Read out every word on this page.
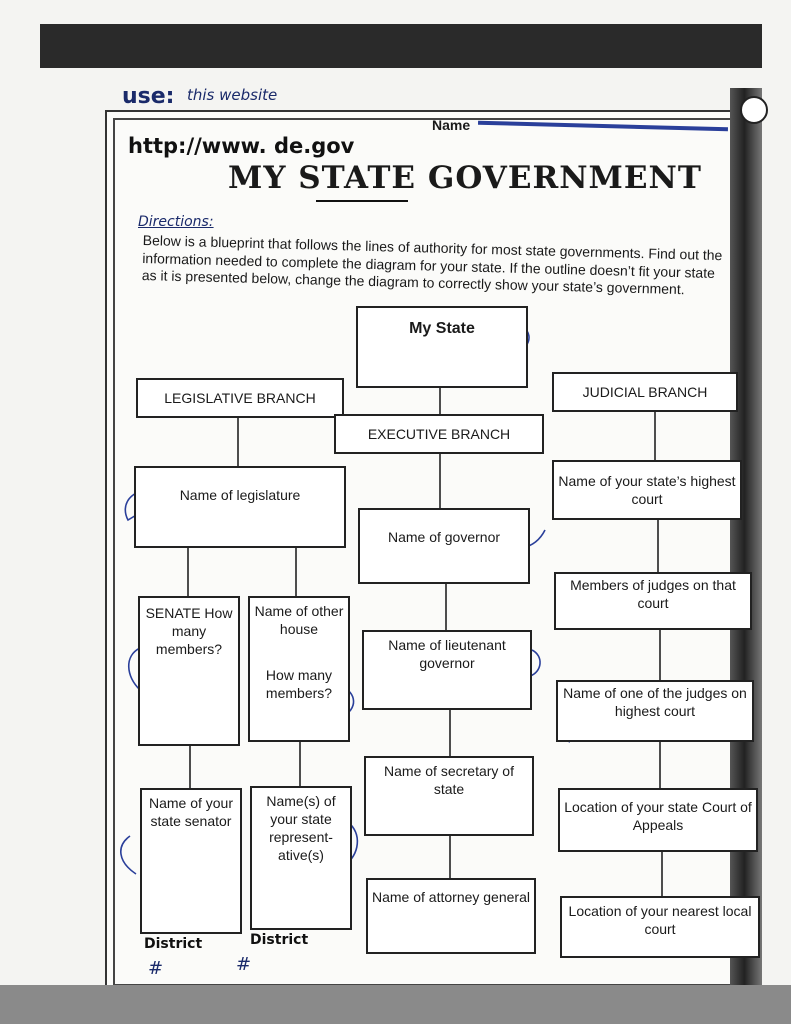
use: this website
http://www. de.gov
Name
MY STATE GOVERNMENT
Directions:
Below is a blueprint that follows the lines of authority for most state governments. Find out the information needed to complete the diagram for your state. If the outline doesn’t fit your state as it is presented below, change the diagram to correctly show your state’s government.
My State
LEGISLATIVE BRANCH
EXECUTIVE BRANCH
JUDICIAL BRANCH
Name of legislature
SENATE How many members?
Name of other house
How many members?
Name of your state senator
Name(s) of your state represent- ative(s)
District	District
#	#
Name of governor
Name of lieutenant governor
Name of secretary of state
Name of attorney general
Name of your state’s highest court
Members of judges on that court
Name of one of the judges on highest court
Location of your state Court of Appeals
Location of your nearest local court
